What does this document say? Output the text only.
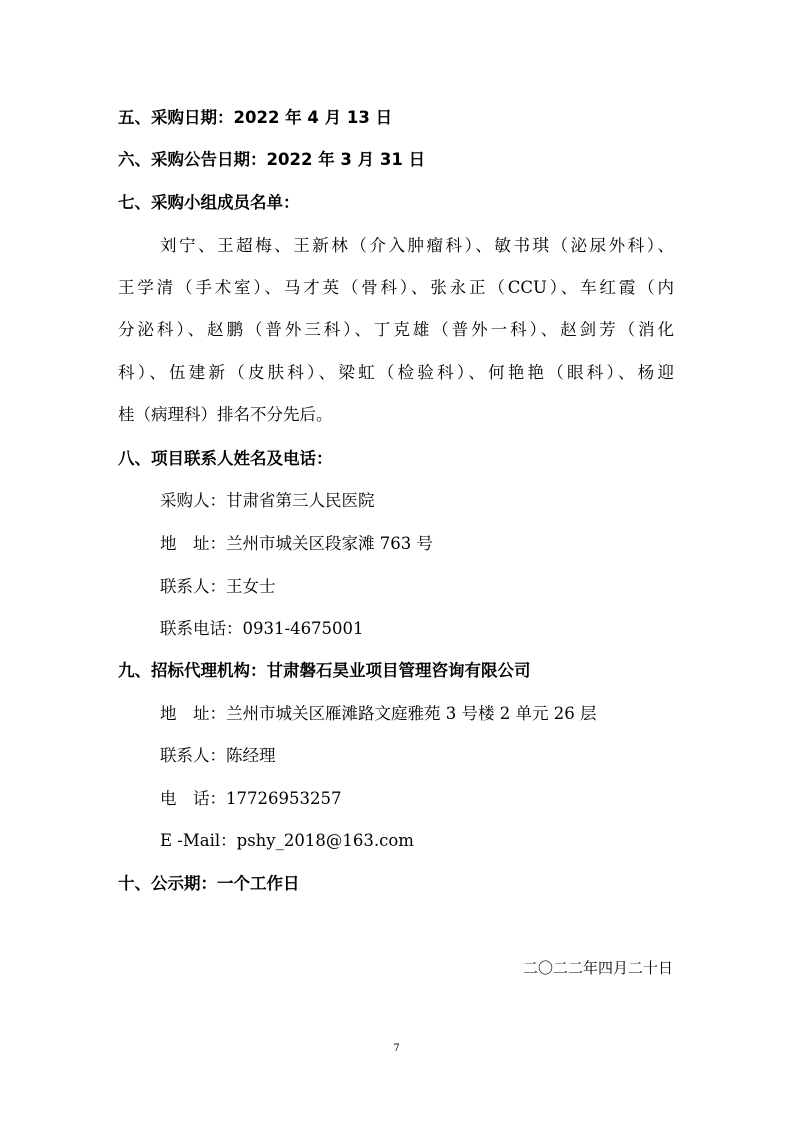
五、采购日期：2022 年 4 月 13 日
六、采购公告日期：2022 年 3 月 31 日
七、采购小组成员名单：
刘宁、王超梅、王新林（介入肿瘤科）、敏书琪（泌尿外科）、
王学清（手术室）、马才英（骨科）、张永正（CCU）、车红霞（内
分泌科）、赵鹏（普外三科）、丁克雄（普外一科）、赵剑芳（消化
科）、伍建新（皮肤科）、梁虹（检验科）、何艳艳（眼科）、杨迎
桂（病理科）排名不分先后。
八、项目联系人姓名及电话：
采购人：甘肃省第三人民医院
地　址：兰州市城关区段家滩 763 号
联系人：王女士
联系电话：0931-4675001
九、招标代理机构：甘肃磐石昊业项目管理咨询有限公司
地　址：兰州市城关区雁滩路文庭雅苑 3 号楼 2 单元 26 层
联系人：陈经理
电　话：17726953257
E -Mail：pshy_2018@163.com
十、公示期：一个工作日
二〇二二年四月二十日
7
